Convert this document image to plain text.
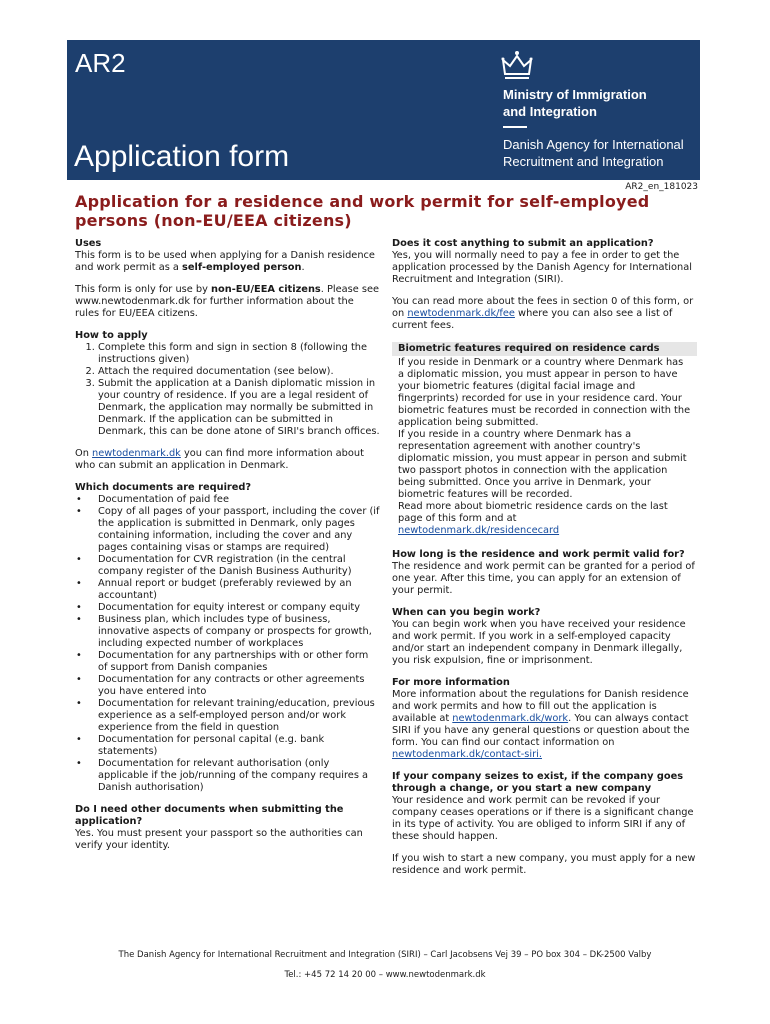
AR2
Application form
Ministry of Immigration
and Integration
Danish Agency for International
Recruitment and Integration
AR2_en_181023
Application for a residence and work permit for self-employed persons (non-EU/EEA citizens)
Uses

This form is to be used when applying for a Danish residence and work permit as a self-employed person.

This form is only for use by non-EU/EEA citizens. Please see www.newtodenmark.dk for further information about the rules for EU/EEA citizens.

How to apply
1. Complete this form and sign in section 8 (following the instructions given)
2. Attach the required documentation (see below).
3. Submit the application at a Danish diplomatic mission in your country of residence. If you are a legal resident of Denmark, the application may normally be submitted in Denmark. If the application can be submitted in Denmark, this can be done atone of SIRI's branch offices.

On newtodenmark.dk you can find more information about who can submit an application in Denmark.

Which documents are required?
• Documentation of paid fee
• Copy of all pages of your passport, including the cover (if the application is submitted in Denmark, only pages containing information, including the cover and any pages containing visas or stamps are required)
• Documentation for CVR registration (in the central company register of the Danish Business Authurity)
• Annual report or budget (preferably reviewed by an accountant)
• Documentation for equity interest or company equity
• Business plan, which includes type of business, innovative aspects of company or prospects for growth, including expected number of workplaces
• Documentation for any partnerships with or other form of support from Danish companies
• Documentation for any contracts or other agreements you have entered into
• Documentation for relevant training/education, previous experience as a self-employed person and/or work experience from the field in question
• Documentation for personal capital (e.g. bank statements)
• Documentation for relevant authorisation (only applicable if the job/running of the company requires a Danish authorisation)
Do I need other documents when submitting the application?

Yes. You must present your passport so the authorities can verify your identity.

Does it cost anything to submit an application?

Yes, you will normally need to pay a fee in order to get the application processed by the Danish Agency for International Recruitment and Integration (SIRI).

You can read more about the fees in section 0 of this form, or on newtodenmark.dk/fee where you can also see a list of current fees.

Biometric features required on residence cards
If you reside in Denmark or a country where Denmark has a diplomatic mission, you must appear in person to have your biometric features (digital facial image and fingerprints) recorded for use in your residence card. Your biometric features must be recorded in connection with the application being submitted.
If you reside in a country where Denmark has a representation agreement with another country's diplomatic mission, you must appear in person and submit two passport photos in connection with the application being submitted. Once you arrive in Denmark, your biometric features will be recorded.
Read more about biometric residence cards on the last page of this form and at
newtodenmark.dk/residencecard
How long is the residence and work permit valid for?

The residence and work permit can be granted for a period of one year. After this time, you can apply for an extension of your permit.

When can you begin work?

You can begin work when you have received your residence and work permit. If you work in a self-employed capacity and/or start an independent company in Denmark illegally, you risk expulsion, fine or imprisonment.

For more information

More information about the regulations for Danish residence and work permits and how to fill out the application is available at newtodenmark.dk/work. You can always contact SIRI if you have any general questions or question about the form. You can find our contact information on newtodenmark.dk/contact-siri.

If your company seizes to exist, if the company goes through a change, or you start a new company

Your residence and work permit can be revoked if your company ceases operations or if there is a significant change in its type of activity. You are obliged to inform SIRI if any of these should happen.

If you wish to start a new company, you must apply for a new residence and work permit.

The Danish Agency for International Recruitment and Integration (SIRI) – Carl Jacobsens Vej 39 – PO box 304 – DK-2500 Valby
Tel.: +45 72 14 20 00 – www.newtodenmark.dk
